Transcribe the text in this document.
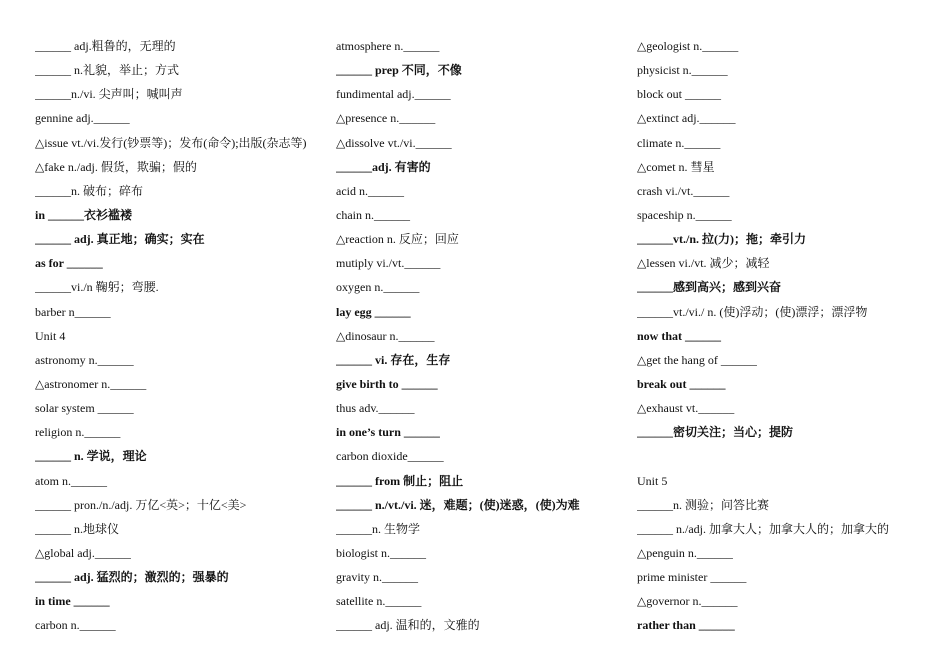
______ adj.粗鲁的，无理的
______ n.礼貌，举止；方式
______n./vi. 尖声叫；喊叫声
gennine adj.______
△issue vt./vi.发行(钞票等)；发布(命令);出版(杂志等)
△fake n./adj. 假货，欺骗；假的
______n. 破布；碎布
in ______衣衫褴褛
______ adj. 真正地；确实；实在
as for ______
______vi./n 鞠躬；弯腰.
barber n______
Unit 4
astronomy n.______
△astronomer n.______
solar system ______
religion n.______
______ n. 学说，理论
atom n.______
______ pron./n./adj. 万亿<英>；十亿<美>
______ n.地球仪
△global adj.______
______ adj. 猛烈的；激烈的；强暴的
in time ______
carbon n.______
atmosphere n.______
______ prep 不同，不像
fundimental adj.______
△presence n.______
△dissolve vt./vi.______
______adj. 有害的
acid n.______
chain n.______
△reaction n. 反应；回应
mutiply vi./vt.______
oxygen n.______
lay egg ______
△dinosaur n.______
______ vi. 存在，生存
give birth to ______
thus adv.______
in one’s turn ______
carbon dioxide______
______ from 制止；阻止
______ n./vt./vi. 迷，难题；(使)迷惑，(使)为难
______n. 生物学
biologist n.______
gravity n.______
satellite n.______
______ adj. 温和的，文雅的
△geologist n.______
physicist n.______
block out ______
△extinct adj.______
climate n.______
△comet n. 彗星
crash vi./vt.______
spaceship n.______
______vt./n. 拉(力)；拖；牵引力
△lessen vi./vt. 减少；减轻
______感到高兴；感到兴奋
______vt./vi./ n. (使)浮动；(使)漂浮；漂浮物
now that ______
△get the hang of ______
break out ______
△exhaust vt.______
______密切关注；当心；提防
Unit 5
______n. 测验；问答比赛
______ n./adj. 加拿大人；加拿大人的；加拿大的
△penguin n.______
prime minister ______
△governor n.______
rather than ______
